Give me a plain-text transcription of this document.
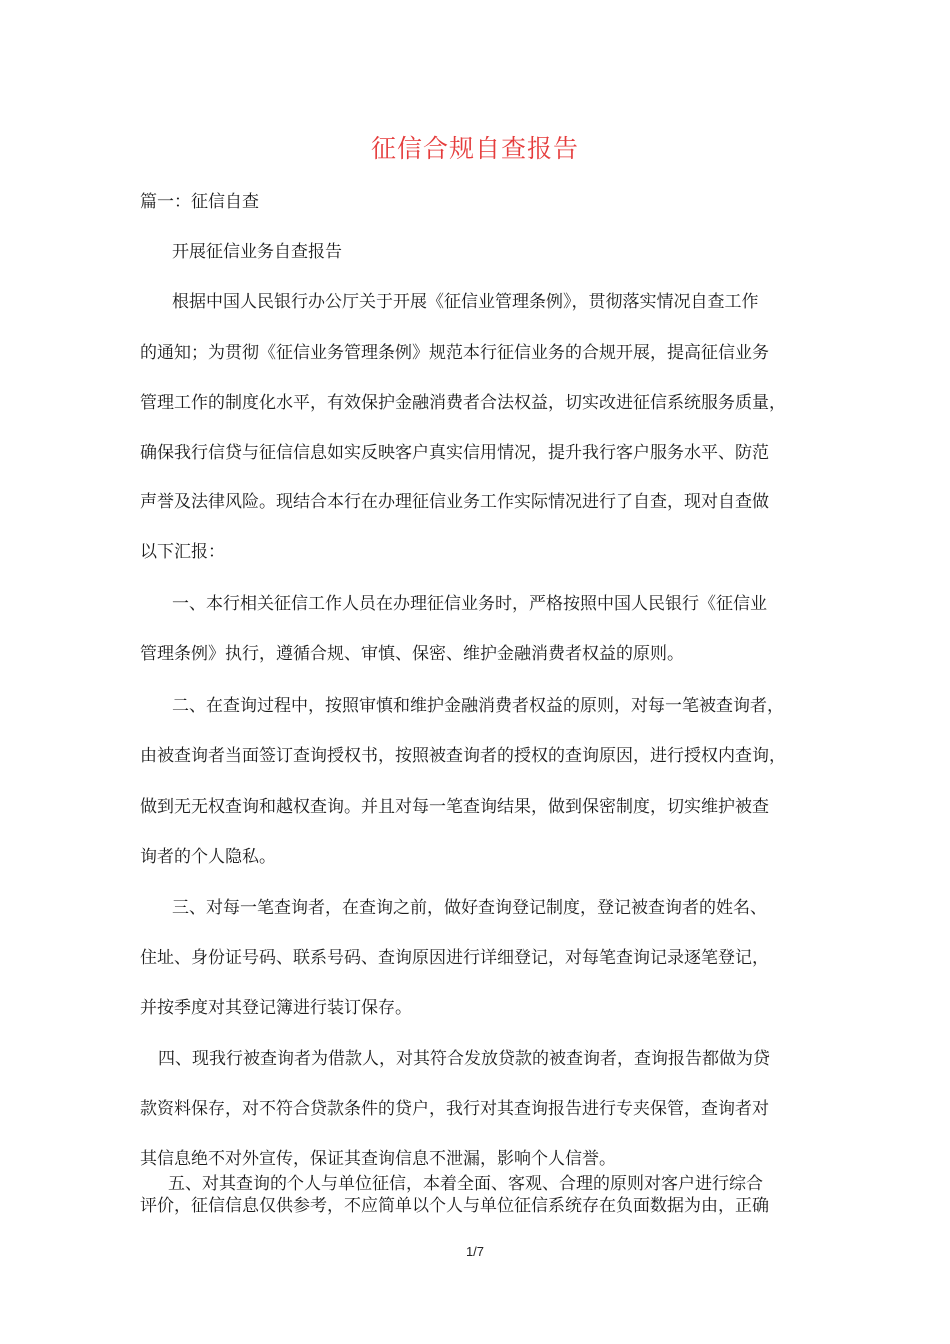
征信合规自查报告
篇一：征信自查
开展征信业务自查报告
根据中国人民银行办公厅关于开展《征信业管理条例》，贯彻落实情况自查工作
的通知；为贯彻《征信业务管理条例》规范本行征信业务的合规开展，提高征信业务
管理工作的制度化水平，有效保护金融消费者合法权益，切实改进征信系统服务质量，
确保我行信贷与征信信息如实反映客户真实信用情况，提升我行客户服务水平、防范
声誉及法律风险。现结合本行在办理征信业务工作实际情况进行了自查，现对自查做
以下汇报：
一、本行相关征信工作人员在办理征信业务时，严格按照中国人民银行《征信业
管理条例》执行，遵循合规、审慎、保密、维护金融消费者权益的原则。
二、在查询过程中，按照审慎和维护金融消费者权益的原则，对每一笔被查询者，
由被查询者当面签订查询授权书，按照被查询者的授权的查询原因，进行授权内查询，
做到无无权查询和越权查询。并且对每一笔查询结果，做到保密制度，切实维护被查
询者的个人隐私。
三、对每一笔查询者，在查询之前，做好查询登记制度，登记被查询者的姓名、
住址、身份证号码、联系号码、查询原因进行详细登记，对每笔查询记录逐笔登记，
并按季度对其登记簿进行装订保存。
四、现我行被查询者为借款人，对其符合发放贷款的被查询者，查询报告都做为贷
款资料保存，对不符合贷款条件的贷户，我行对其查询报告进行专夹保管，查询者对
其信息绝不对外宣传，保证其查询信息不泄漏，影响个人信誉。
五、对其查询的个人与单位征信，本着全面、客观、合理的原则对客户进行综合
评价，征信信息仅供参考，不应简单以个人与单位征信系统存在负面数据为由，正确
1/7
